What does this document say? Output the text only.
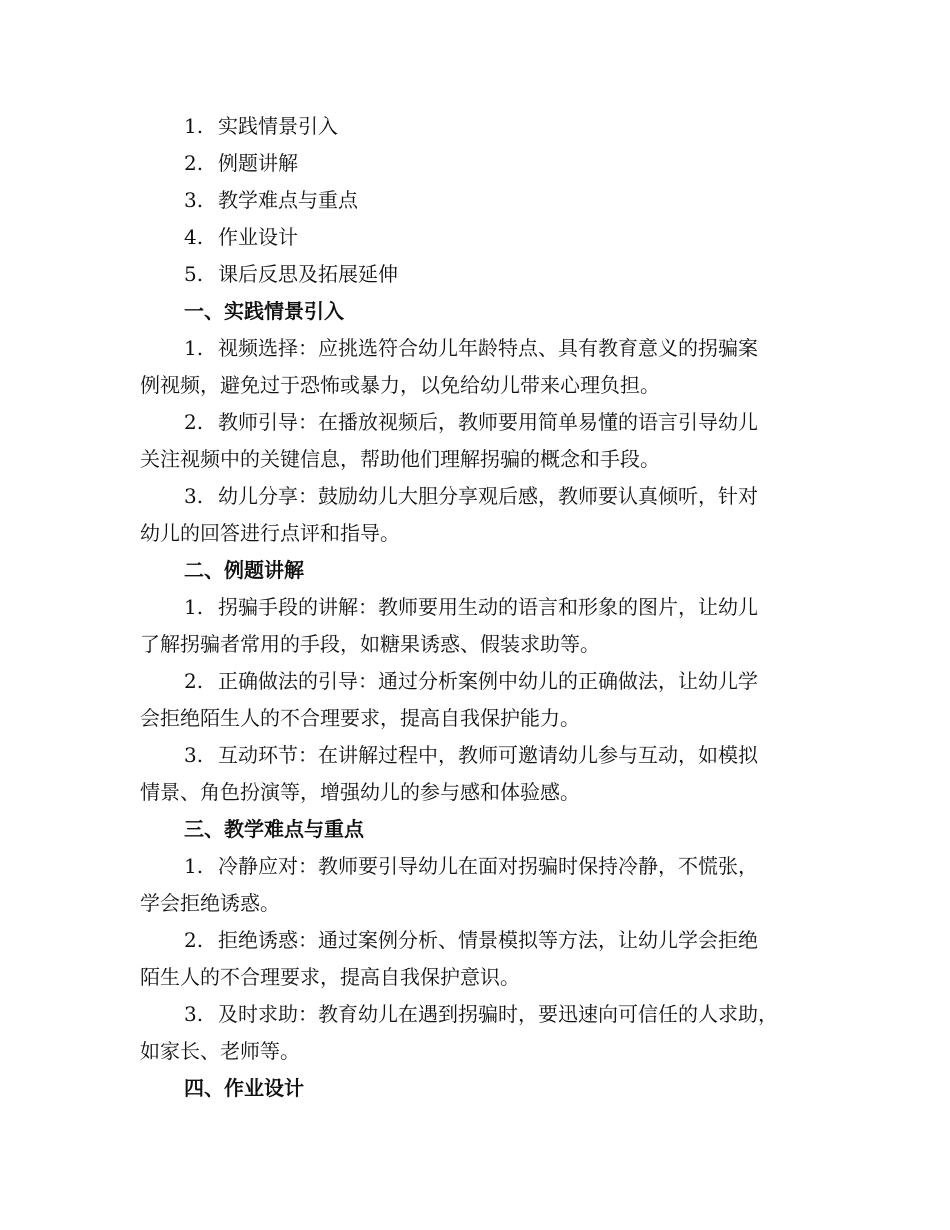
1. 实践情景引入
2. 例题讲解
3. 教学难点与重点
4. 作业设计
5. 课后反思及拓展延伸
一、实践情景引入
1. 视频选择：应挑选符合幼儿年龄特点、具有教育意义的拐骗案
例视频，避免过于恐怖或暴力，以免给幼儿带来心理负担。
2. 教师引导：在播放视频后，教师要用简单易懂的语言引导幼儿
关注视频中的关键信息，帮助他们理解拐骗的概念和手段。
3. 幼儿分享：鼓励幼儿大胆分享观后感，教师要认真倾听，针对
幼儿的回答进行点评和指导。
二、例题讲解
1. 拐骗手段的讲解：教师要用生动的语言和形象的图片，让幼儿
了解拐骗者常用的手段，如糖果诱惑、假装求助等。
2. 正确做法的引导：通过分析案例中幼儿的正确做法，让幼儿学
会拒绝陌生人的不合理要求，提高自我保护能力。
3. 互动环节：在讲解过程中，教师可邀请幼儿参与互动，如模拟
情景、角色扮演等，增强幼儿的参与感和体验感。
三、教学难点与重点
1. 冷静应对：教师要引导幼儿在面对拐骗时保持冷静，不慌张，
学会拒绝诱惑。
2. 拒绝诱惑：通过案例分析、情景模拟等方法，让幼儿学会拒绝
陌生人的不合理要求，提高自我保护意识。
3. 及时求助：教育幼儿在遇到拐骗时，要迅速向可信任的人求助，
如家长、老师等。
四、作业设计
